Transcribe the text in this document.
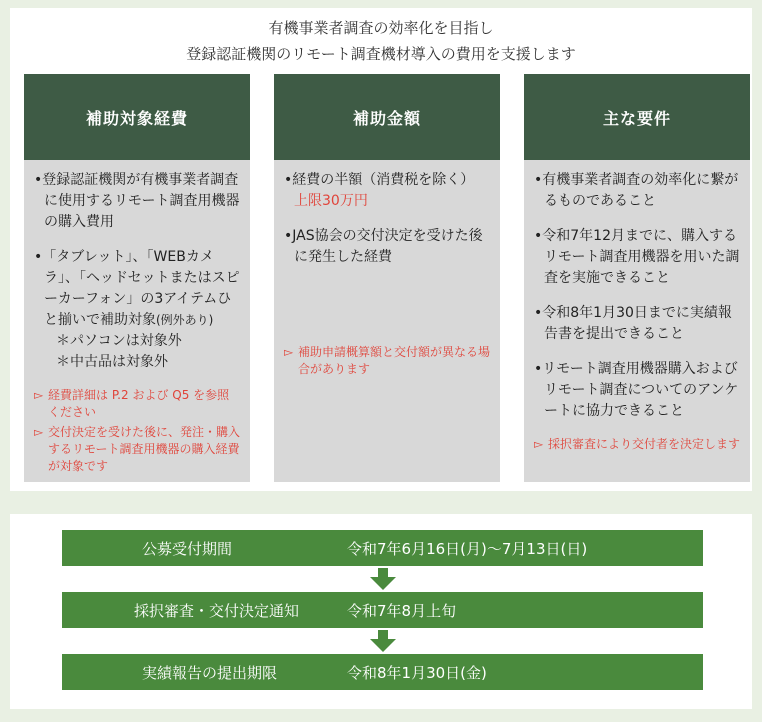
有機事業者調査の効率化を目指し
登録認証機関のリモート調査機材導入の費用を支援します
補助対象経費
•登録認証機関が有機事業者調査に使用するリモート調査用機器の購入費用
•「タブレット」、「WEBカメラ」、「ヘッドセットまたはスピーカーフォン」の3アイテムひと揃いで補助対象(例外あり)
＊パソコンは対象外
＊中古品は対象外
▻ 経費詳細は P.2 および Q5 を参照ください
▻ 交付決定を受けた後に、発注・購入するリモート調査用機器の購入経費が対象です
補助金額
•経費の半額（消費税を除く）
上限30万円
•JAS協会の交付決定を受けた後に発生した経費
▻ 補助申請概算額と交付額が異なる場合があります
主な要件
•有機事業者調査の効率化に繋がるものであること
•令和7年12月までに、購入するリモート調査用機器を用いた調査を実施できること
•令和8年1月30日までに実績報告書を提出できること
•リモート調査用機器購入およびリモート調査についてのアンケートに協力できること
▻ 採択審査により交付者を決定します
公募受付期間	令和7年6月16日(月)～7月13日(日)
採択審査・交付決定通知	令和7年8月上旬
実績報告の提出期限	令和8年1月30日(金)
